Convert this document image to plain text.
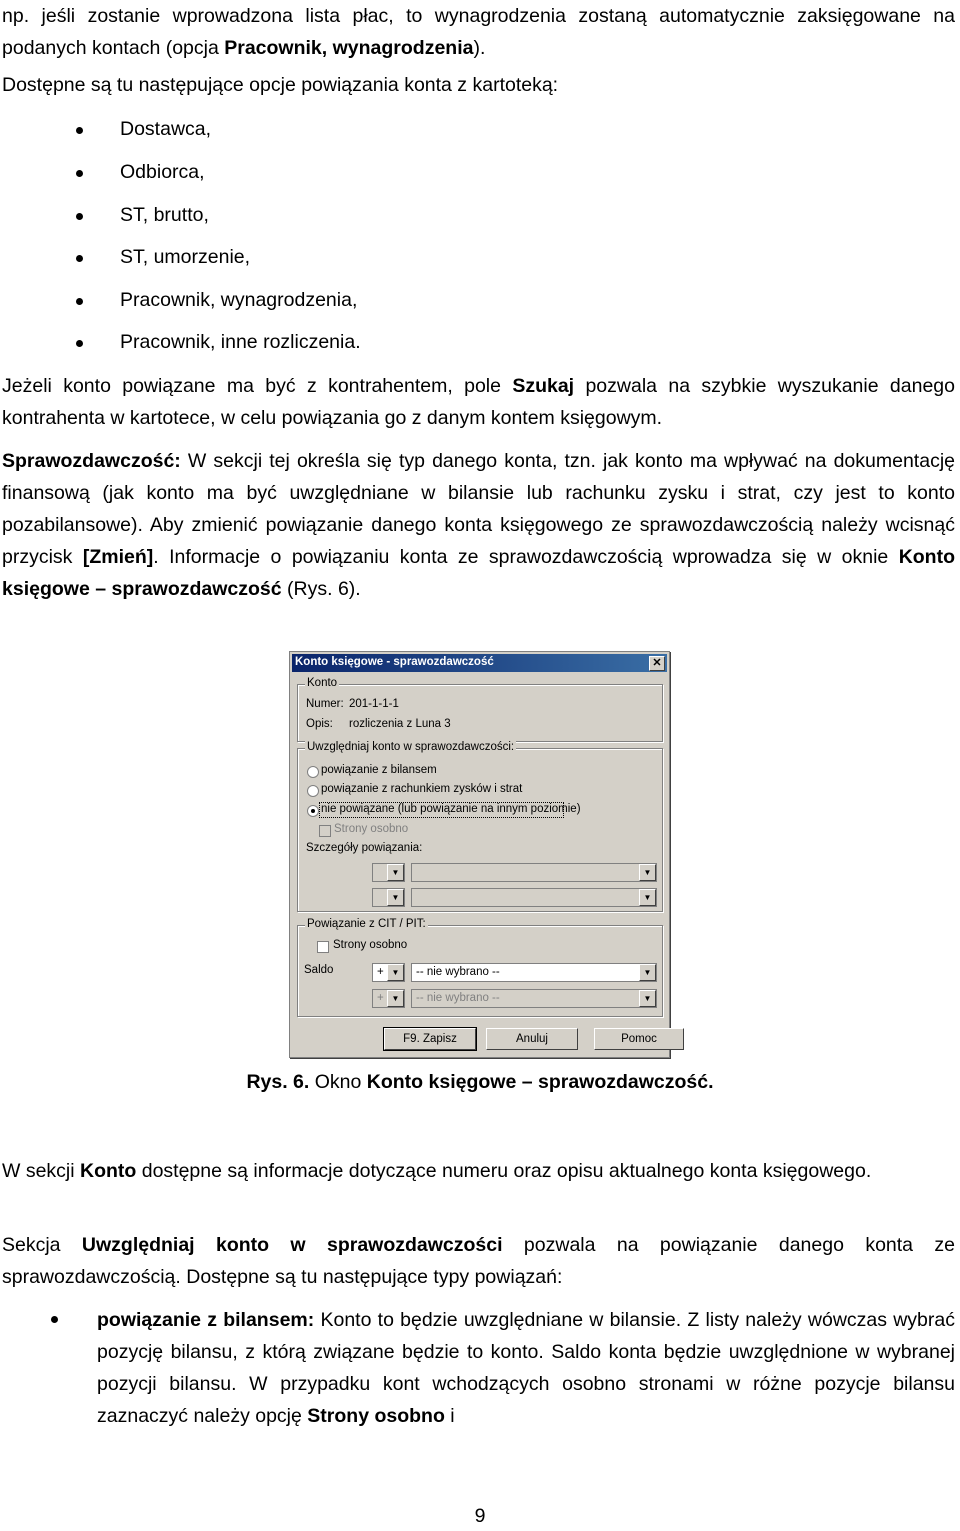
np. jeśli zostanie wprowadzona lista płac, to wynagrodzenia zostaną automatycznie zaksięgowane na podanych kontach (opcja Pracownik, wynagrodzenia).
Dostępne są tu następujące opcje powiązania konta z kartoteką:
Dostawca,
Odbiorca,
ST, brutto,
ST, umorzenie,
Pracownik, wynagrodzenia,
Pracownik, inne rozliczenia.
Jeżeli konto powiązane ma być z kontrahentem, pole Szukaj pozwala na szybkie wyszukanie danego kontrahenta w kartotece, w celu powiązania go z danym kontem księgowym.
Sprawozdawczość: W sekcji tej określa się typ danego konta, tzn. jak konto ma wpływać na dokumentację finansową (jak konto ma być uwzględniane w bilansie lub rachunku zysku i strat, czy jest to konto pozabilansowe). Aby zmienić powiązanie danego konta księgowego ze sprawozdawczością należy wcisnąć przycisk [Zmień]. Informacje o powiązaniu konta ze sprawozdawczością wprowadza się w oknie Konto księgowe – sprawozdawczość (Rys. 6).
Konto księgowe - sprawozdawczość	✕
Konto
Numer: 201-1-1-1
Opis: rozliczenia z Luna 3
Uwzględniaj konto w sprawozdawczości:
powiązanie z bilansem
powiązanie z rachunkiem zysków i strat
nie powiązane (lub powiązanie na innym poziomie)
Strony osobno
Szczegóły powiązania:
▼	▼
▼	▼
Powiązanie z CIT / PIT:
Strony osobno
Saldo	+ ▼	-- nie wybrano --	▼
+ ▼	-- nie wybrano --	▼
F9. Zapisz	Anuluj	Pomoc
Rys. 6. Okno Konto księgowe – sprawozdawczość.
W sekcji Konto dostępne są informacje dotyczące numeru oraz opisu aktualnego konta księgowego.
Sekcja Uwzględniaj konto w sprawozdawczości pozwala na powiązanie danego konta ze sprawozdawczością. Dostępne są tu następujące typy powiązań:
powiązanie z bilansem: Konto to będzie uwzględniane w bilansie. Z listy należy wówczas wybrać pozycję bilansu, z którą związane będzie to konto. Saldo konta będzie uwzględnione w wybranej pozycji bilansu. W przypadku kont wchodzących osobno stronami w różne pozycje bilansu zaznaczyć należy opcję Strony osobno i
9
